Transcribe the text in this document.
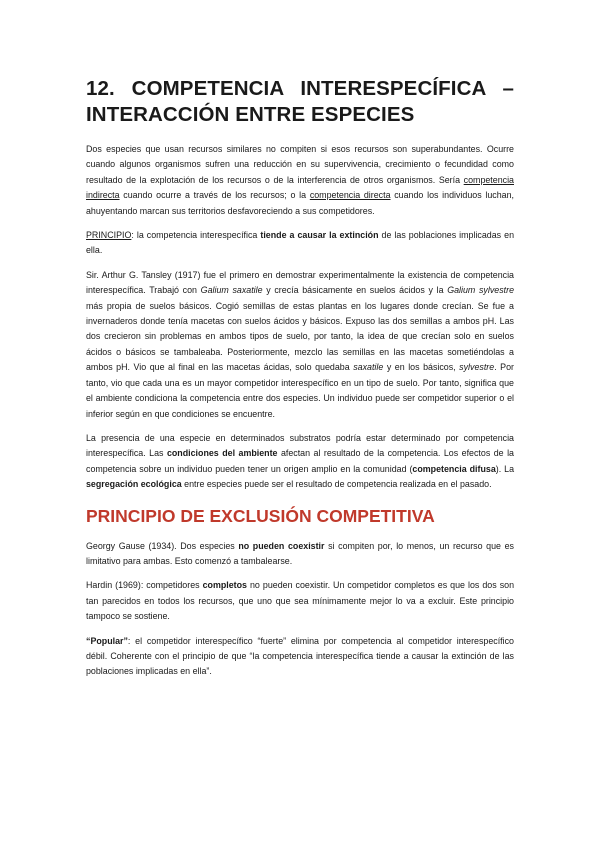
12. COMPETENCIA INTERESPECÍFICA –
INTERACCIÓN ENTRE ESPECIES

Dos especies que usan recursos similares no compiten si esos recursos son superabundantes. Ocurre cuando algunos organismos sufren una reducción en su supervivencia, crecimiento o fecundidad como resultado de la explotación de los recursos o de la interferencia de otros organismos. Sería competencia indirecta cuando ocurre a través de los recursos; o la competencia directa cuando los individuos luchan, ahuyentando marcan sus territorios desfavoreciendo a sus competidores.

PRINCIPIO: la competencia interespecífica tiende a causar la extinción de las poblaciones implicadas en ella.

Sir. Arthur G. Tansley (1917) fue el primero en demostrar experimentalmente la existencia de competencia interespecífica. Trabajó con Galium saxatile y crecía básicamente en suelos ácidos y la Galium sylvestre más propia de suelos básicos. Cogió semillas de estas plantas en los lugares donde crecían. Se fue a invernaderos donde tenía macetas con suelos ácidos y básicos. Expuso las dos semillas a ambos pH. Las dos crecieron sin problemas en ambos tipos de suelo, por tanto, la idea de que crecían solo en suelos ácidos o básicos se tambaleaba. Posteriormente, mezclo las semillas en las macetas sometiéndolas a ambos pH. Vio que al final en las macetas ácidas, solo quedaba saxatile y en los básicos, sylvestre. Por tanto, vio que cada una es un mayor competidor interespecífico en un tipo de suelo. Por tanto, significa que el ambiente condiciona la competencia entre dos especies. Un individuo puede ser competidor superior o el inferior según en que condiciones se encuentre.

La presencia de una especie en determinados substratos podría estar determinado por competencia interespecífica. Las condiciones del ambiente afectan al resultado de la competencia. Los efectos de la competencia sobre un individuo pueden tener un origen amplio en la comunidad (competencia difusa). La segregación ecológica entre especies puede ser el resultado de competencia realizada en el pasado.

PRINCIPIO DE EXCLUSIÓN COMPETITIVA

Georgy Gause (1934). Dos especies no pueden coexistir si compiten por, lo menos, un recurso que es limitativo para ambas. Esto comenzó a tambalearse.

Hardin (1969): competidores completos no pueden coexistir. Un competidor completos es que los dos son tan parecidos en todos los recursos, que uno que sea mínimamente mejor lo va a excluir. Este principio tampoco se sostiene.

“Popular”: el competidor interespecífico “fuerte” elimina por competencia al competidor interespecífico débil. Coherente con el principio de que “la competencia interespecífica tiende a causar la extinción de las poblaciones implicadas en ella”.
